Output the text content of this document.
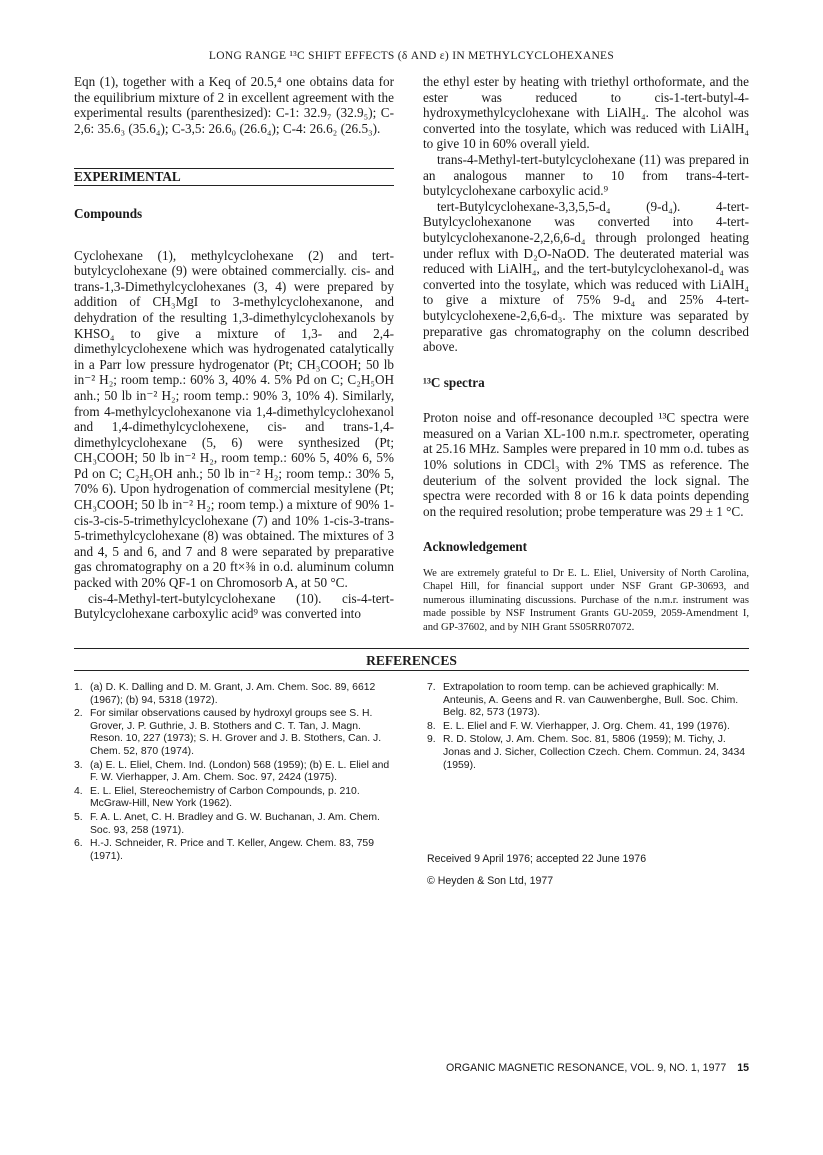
LONG RANGE ¹³C SHIFT EFFECTS (δ AND ε) IN METHYLCYCLOHEXANES

Eqn (1), together with a Keq of 20.5,⁴ one obtains data for the equilibrium mixture of 2 in excellent agreement with the experimental results (parenthesized): C-1: 32.9₇ (32.9₅); C-2,6: 35.6₃ (35.6₄); C-3,5: 26.6₀ (26.6₄); C-4: 26.6₂ (26.5₃).

EXPERIMENTAL

Compounds

Cyclohexane (1), methylcyclohexane (2) and tert-butylcyclohexane (9) were obtained commercially. cis- and trans-1,3-Dimethylcyclohexanes (3, 4) were prepared by addition of CH₃MgI to 3-methylcyclohexanone, and dehydration of the resulting 1,3-dimethylcyclohexanols by KHSO₄ to give a mixture of 1,3- and 2,4-dimethylcyclohexene which was hydrogenated catalytically in a Parr low pressure hydrogenator (Pt; CH₃COOH; 50 lb in⁻² H₂; room temp.: 60% 3, 40% 4. 5% Pd on C; C₂H₅OH anh.; 50 lb in⁻² H₂; room temp.: 90% 3, 10% 4). Similarly, from 4-methylcyclohexanone via 1,4-dimethylcyclohexanol and 1,4-dimethylcyclohexene, cis- and trans-1,4-dimethylcyclohexane (5, 6) were synthesized (Pt; CH₃COOH; 50 lb in⁻² H₂, room temp.: 60% 5, 40% 6, 5% Pd on C; C₂H₅OH anh.; 50 lb in⁻² H₂; room temp.: 30% 5, 70% 6). Upon hydrogenation of commercial mesitylene (Pt; CH₃COOH; 50 lb in⁻² H₂; room temp.) a mixture of 90% 1-cis-3-cis-5-trimethylcyclohexane (7) and 10% 1-cis-3-trans-5-trimethylcyclohexane (8) was obtained. The mixtures of 3 and 4, 5 and 6, and 7 and 8 were separated by preparative gas chromatography on a 20 ft×⅜ in o.d. aluminum column packed with 20% QF-1 on Chromosorb A, at 50 °C.

cis-4-Methyl-tert-butylcyclohexane (10). cis-4-tert-Butylcyclohexane carboxylic acid⁹ was converted into

the ethyl ester by heating with triethyl orthoformate, and the ester was reduced to cis-1-tert-butyl-4-hydroxymethylcyclohexane with LiAlH₄. The alcohol was converted into the tosylate, which was reduced with LiAlH₄ to give 10 in 60% overall yield.

trans-4-Methyl-tert-butylcyclohexane (11) was prepared in an analogous manner to 10 from trans-4-tert-butylcyclohexane carboxylic acid.⁹

tert-Butylcyclohexane-3,3,5,5-d₄ (9-d₄). 4-tert-Butylcyclohexanone was converted into 4-tert-butylcyclohexanone-2,2,6,6-d₄ through prolonged heating under reflux with D₂O-NaOD. The deuterated material was reduced with LiAlH₄, and the tert-butylcyclohexanol-d₄ was converted into the tosylate, which was reduced with LiAlH₄ to give a mixture of 75% 9-d₄ and 25% 4-tert-butylcyclohexene-2,6,6-d₃. The mixture was separated by preparative gas chromatography on the column described above.

¹³C spectra

Proton noise and off-resonance decoupled ¹³C spectra were measured on a Varian XL-100 n.m.r. spectrometer, operating at 25.16 MHz. Samples were prepared in 10 mm o.d. tubes as 10% solutions in CDCl₃ with 2% TMS as reference. The deuterium of the solvent provided the lock signal. The spectra were recorded with 8 or 16 k data points depending on the required resolution; probe temperature was 29 ± 1 °C.

Acknowledgement

We are extremely grateful to Dr E. L. Eliel, University of North Carolina, Chapel Hill, for financial support under NSF Grant GP-30693, and numerous illuminating discussions. Purchase of the n.m.r. instrument was made possible by NSF Instrument Grants GU-2059, 2059-Amendment I, and GP-37602, and by NIH Grant 5S05RR07072.

REFERENCES
1. (a) D. K. Dalling and D. M. Grant, J. Am. Chem. Soc. 89, 6612 (1967); (b) 94, 5318 (1972).
2. For similar observations caused by hydroxyl groups see S. H. Grover, J. P. Guthrie, J. B. Stothers and C. T. Tan, J. Magn. Reson. 10, 227 (1973); S. H. Grover and J. B. Stothers, Can. J. Chem. 52, 870 (1974).
3. (a) E. L. Eliel, Chem. Ind. (London) 568 (1959); (b) E. L. Eliel and F. W. Vierhapper, J. Am. Chem. Soc. 97, 2424 (1975).
4. E. L. Eliel, Stereochemistry of Carbon Compounds, p. 210. McGraw-Hill, New York (1962).
5. F. A. L. Anet, C. H. Bradley and G. W. Buchanan, J. Am. Chem. Soc. 93, 258 (1971).
6. H.-J. Schneider, R. Price and T. Keller, Angew. Chem. 83, 759 (1971).
7. Extrapolation to room temp. can be achieved graphically: M. Anteunis, A. Geens and R. van Cauwenberghe, Bull. Soc. Chim. Belg. 82, 573 (1973).
8. E. L. Eliel and F. W. Vierhapper, J. Org. Chem. 41, 199 (1976).
9. R. D. Stolow, J. Am. Chem. Soc. 81, 5806 (1959); M. Tichy, J. Jonas and J. Sicher, Collection Czech. Chem. Commun. 24, 3434 (1959).
Received 9 April 1976; accepted 22 June 1976
© Heyden & Son Ltd, 1977
ORGANIC MAGNETIC RESONANCE, VOL. 9, NO. 1, 1977 15
